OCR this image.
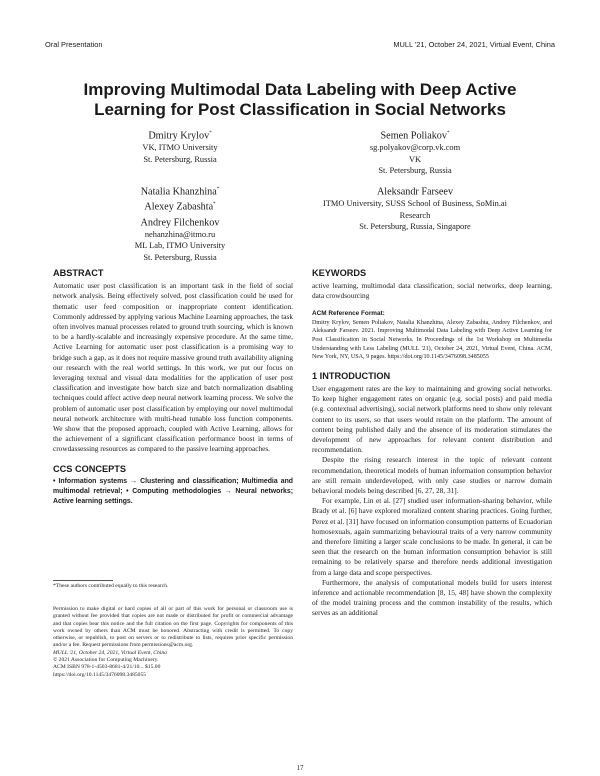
Oral Presentation	MULL '21, October 24, 2021, Virtual Event, China
Improving Multimodal Data Labeling with Deep Active Learning for Post Classification in Social Networks
Dmitry Krylov*
VK, ITMO University
St. Petersburg, Russia
Semen Poliakov*
sg.polyakov@corp.vk.com
VK
St. Petersburg, Russia
Natalia Khanzhina*
Alexey Zabashta*
Andrey Filchenkov
nehanzhina@itmo.ru
ML Lab, ITMO University
St. Petersburg, Russia
Aleksandr Farseev
ITMO University, SUSS School of Business, SoMin.ai
Research
St. Petersburg, Russia, Singapore
ABSTRACT

Automatic user post classification is an important task in the field of social network analysis. Being effectively solved, post classification could be used for thematic user feed composition or inappropriate content identification. Commonly addressed by applying various Machine Learning approaches, the task often involves manual processes related to ground truth sourcing, which is known to be a hardly-scalable and increasingly expensive procedure. At the same time, Active Learning for automatic user post classification is a promising way to bridge such a gap, as it does not require massive ground truth availability aligning our research with the real world settings. In this work, we put our focus on leveraging textual and visual data modalities for the application of user post classification and investigate how batch size and batch normalization disabling techniques could affect active deep neural network learning process. We solve the problem of automatic user post classification by employing our novel multimodal neural network architecture with multi-head tunable loss function components. We show that the proposed approach, coupled with Active Learning, allows for the achievement of a significant classification performance boost in terms of crowdassessing resources as compared to the passive learning approaches.

CCS CONCEPTS

• Information systems → Clustering and classification; Multimedia and multimodal retrieval; • Computing methodologies → Neural networks; Active learning settings.

*These authors contributed equally to this research.

Permission to make digital or hard copies of all or part of this work for personal or classroom use is granted without fee provided that copies are not made or distributed for profit or commercial advantage and that copies bear this notice and the full citation on the first page. Copyrights for components of this work owned by others than ACM must be honored. Abstracting with credit is permitted. To copy otherwise, or republish, to post on servers or to redistribute to lists, requires prior specific permission and/or a fee. Request permissions from permissions@acm.org.

MULL '21, October 24, 2021, Virtual Event, China
© 2021 Association for Computing Machinery.
ACM ISBN 978-1-4503-8681-4/21/10... $15.00
https://doi.org/10.1145/3476098.3485055
KEYWORDS

active learning, multimodal data classification, social networks, deep learning, data crowdsourcing

ACM Reference Format:

Dmitry Krylov, Semen Poliakov, Natalia Khanzhina, Alexey Zabashta, Andrey Filchenkov, and Aleksandr Farseev. 2021. Improving Multimodal Data Labeling with Deep Active Learning for Post Classification in Social Networks. In Proceedings of the 1st Workshop on Multimedia Understanding with Less Labeling (MULL '21), October 24, 2021, Virtual Event, China. ACM, New York, NY, USA, 9 pages. https://doi.org/10.1145/3476098.3485055

1 INTRODUCTION

User engagement rates are the key to maintaining and growing social networks. To keep higher engagement rates on organic (e.g. social posts) and paid media (e.g. contextual advertising), social network platforms need to show only relevant content to its users, so that users would retain on the platform. The amount of content being published daily and the absence of its moderation stimulates the development of new approaches for relevant content distribution and recommendation.

Despite the rising research interest in the topic of relevant content recommendation, theoretical models of human information consumption behavior are still remain underdeveloped, with only case studies or narrow domain behavioral models being described [6, 27, 28, 31].

For example, Lin et al. [27] studied user information-sharing behavior, while Brady et al. [6] have explored moralized content sharing practices. Going further, Perez et al. [31] have focused on information consumption patterns of Ecuadorian homosexuals, again summarizing behavioural traits of a very narrow community and therefore limiting a larger scale conclusions to be made. In general, it can be seen that the research on the human information consumption behavior is still remaining to be relatively sparse and therefore needs additional investigation from a large data and scope perspectives.

Furthermore, the analysis of computational models build for users interest inference and actionable recommendation [8, 15, 48] have shown the complexity of the model training process and the common instability of the results, which serves as an additional

17
